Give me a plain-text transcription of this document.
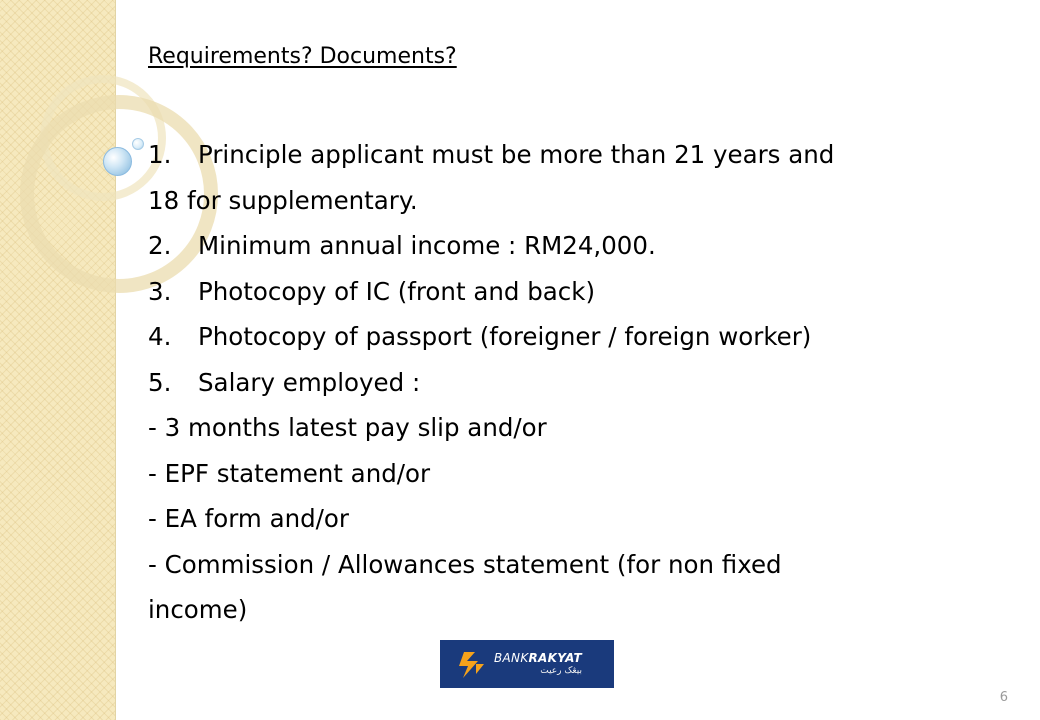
Requirements? Documents?
1. Principle applicant must be more than 21 years and
18 for supplementary.
2. Minimum annual income : RM24,000.
3. Photocopy of IC (front and back)
4. Photocopy of passport (foreigner / foreign worker)
5. Salary employed :
- 3 months latest pay slip and/or
- EPF statement and/or
- EA form and/or
- Commission / Allowances statement (for non fixed
income)
BANKRAKYAT
بيڠک رعيت
6
